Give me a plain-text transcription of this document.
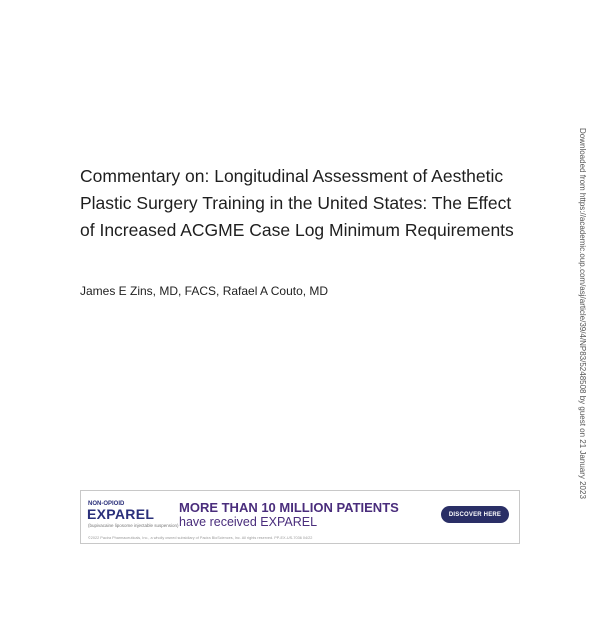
Commentary on: Longitudinal Assessment of Aesthetic Plastic Surgery Training in the United States: The Effect of Increased ACGME Case Log Minimum Requirements
James E Zins, MD, FACS, Rafael A Couto, MD	Downloaded from https://academic.oup.com/asj/article/39/4/NP83/5248508 by guest on 21 January 2023
NON-OPIOID
EXPAREL
(bupivacaine liposome injectable suspension)
MORE THAN 10 MILLION PATIENTS
have received EXPAREL
DISCOVER HERE
©2022 Pacira Pharmaceuticals, Inc., a wholly owned subsidiary of Pacira BioSciences, Inc. All rights reserved. PP-EX-US-7036 04/22
